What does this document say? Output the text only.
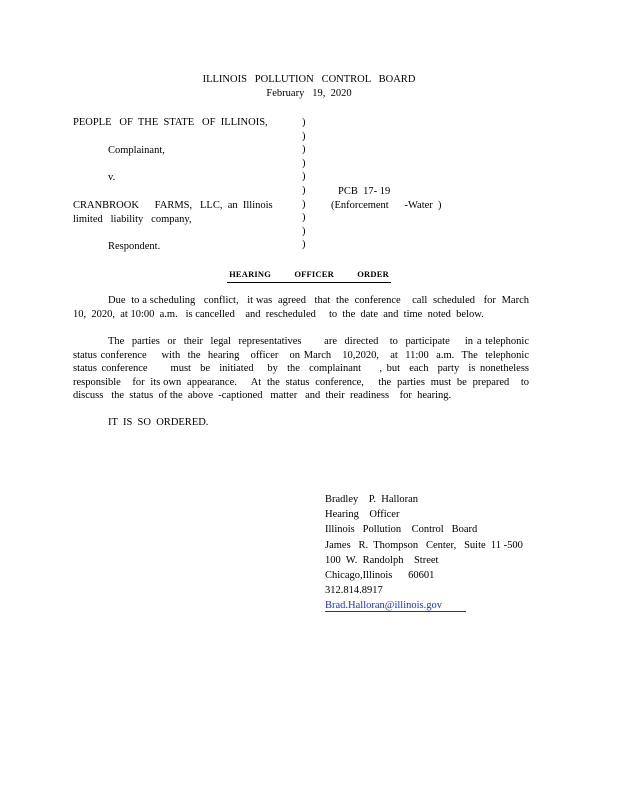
ILLINOIS   POLLUTION   CONTROL   BOARD
February   19,  2020
PEOPLE   OF  THE  STATE   OF  ILLINOIS,
Complainant,
v.
CRANBROOK      FARMS,   LLC,  an  Illinois
limited   liability   company,
Respondent.
)
)
)
)
)
)
)
)
)
)
PCB  17- 19
(Enforcement      -Water  )
HEARING          OFFICER          ORDER
Due  to a scheduling   conflict,   it was  agreed   that  the  conference    call  scheduled   for  March 10,  2020,  at 10:00  a.m.   is cancelled    and  rescheduled     to  the  date  and  time  noted  below.
The  parties  or  their  legal  representatives      are  directed   to  participate    in a telephonic    status conference    with  the  hearing   officer   on March   10,2020,   at  11:00  a.m.  The  telephonic    status conference     must  be  initiated   by  the  complainant    , but  each  party  is nonetheless    responsible    for  its own  appearance.     At  the  status  conference,     the  parties  must  be  prepared    to  discuss   the  status  of the  above  -captioned   matter   and  their  readiness    for  hearing.
IT  IS  SO  ORDERED.
Bradley    P.  Halloran
Hearing    Officer
Illinois   Pollution    Control   Board
James   R.  Thompson   Center,   Suite  11 -500
100  W.  Randolph    Street
Chicago,Illinois      60601
312.814.8917
Brad.Halloran@illinois.gov
